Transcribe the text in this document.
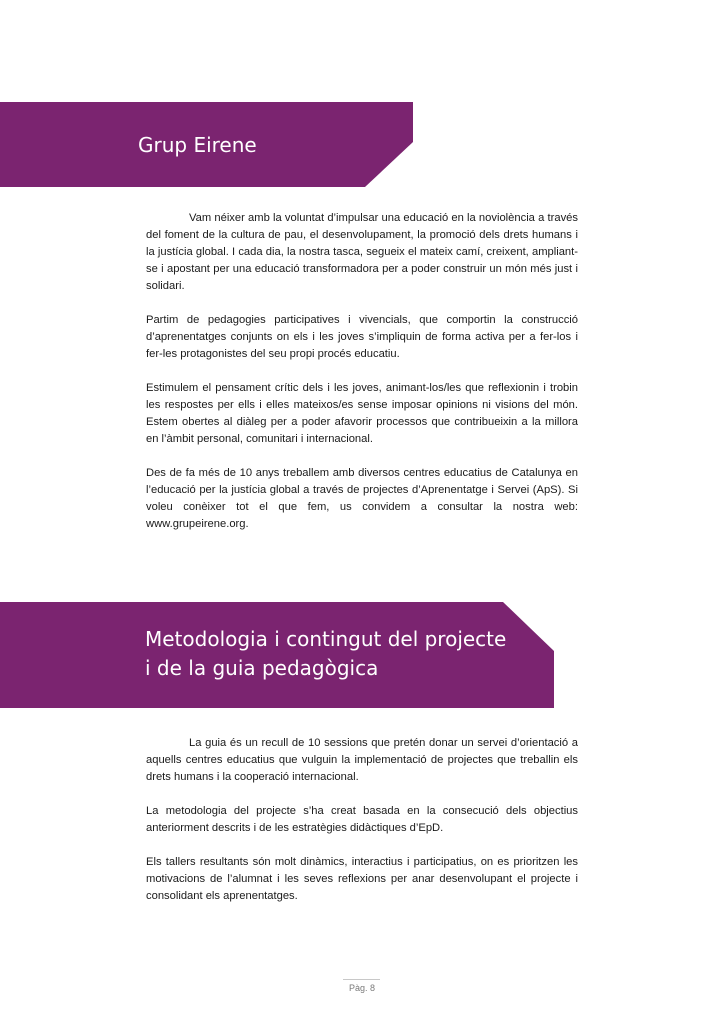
Grup Eirene

Vam néixer amb la voluntat d’impulsar una educació en la noviolència a través del foment de la cultura de pau, el desenvolupament, la promoció dels drets humans i la justícia global. I cada dia, la nostra tasca, segueix el mateix camí, creixent, ampliant-se i apostant per una educació transformadora per a poder construir un món més just i solidari.

Partim de pedagogies participatives i vivencials, que comportin la construcció d’aprenentatges conjunts on els i les joves s’impliquin de forma activa per a fer-los i fer-les protagonistes del seu propi procés educatiu.

Estimulem el pensament crític dels i les joves, animant-los/les que reflexionin i trobin les respostes per ells i elles mateixos/es sense imposar opinions ni visions del món. Estem obertes al diàleg per a poder afavorir processos que contribueixin a la millora en l’àmbit personal, comunitari i internacional.

Des de fa més de 10 anys treballem amb diversos centres educatius de Catalunya en l’educació per la justícia global a través de projectes d’Aprenentatge i Servei (ApS). Si voleu conèixer tot el que fem, us convidem a consultar la nostra web: www.grupeirene.org.

Metodologia i contingut del projecte
i de la guia pedagògica

La guia és un recull de 10 sessions que pretén donar un servei d’orientació a aquells centres educatius que vulguin la implementació de projectes que treballin els drets humans i la cooperació internacional.

La metodologia del projecte s’ha creat basada en la consecució dels objectius anteriorment descrits i de les estratègies didàctiques d’EpD.

Els tallers resultants són molt dinàmics, interactius i participatius, on es prioritzen les motivacions de l’alumnat i les seves reflexions per anar desenvolupant el projecte i consolidant els aprenentatges.

Pàg. 8
